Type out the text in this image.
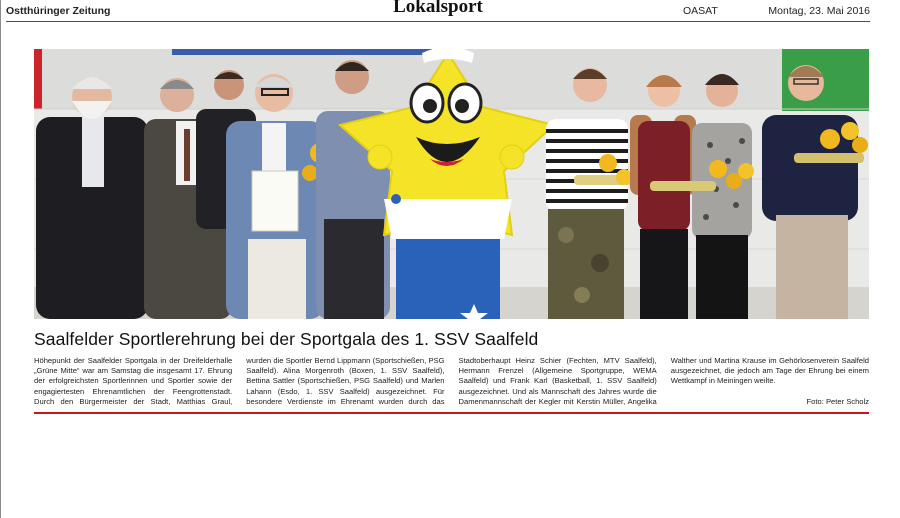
Ostthüringer Zeitung	Lokalsport	OASAT	Montag, 23. Mai 2016
Saalfelder Sportlerehrung bei der Sportgala des 1. SSV Saalfeld

Höhepunkt der Saalfelder Sportgala in der Dreifelderhalle „Grüne Mitte“ war am Samstag die insgesamt 17. Ehrung der erfolgreichsten Sportlerinnen und Sportler sowie der engagiertesten Ehrenamtlichen der Feengrottenstadt. Durch den Bürgermeister der Stadt, Matthias Graul, wurden die Sportler Bernd Lippmann (Sportschießen, PSG Saalfeld). Alina Morgenroth (Boxen, 1. SSV Saalfeld), Bettina Sattler (Sportschießen, PSG Saalfeld) und Marlen Lahann (Esdo, 1. SSV Saalfeld) ausgezeichnet. Für besondere Verdienste im Ehrenamt wurden durch das Stadtoberhaupt Heinz Schier (Fechten, MTV Saalfeld), Hermann Frenzel (Allgemeine Sportgruppe, WEMA Saalfeld) und Frank Karl (Basketball, 1. SSV Saalfeld) ausgezeichnet. Und als Mannschaft des Jahres wurde die Damenmannschaft der Kegler mit Kerstin Müller, Angelika Walther und Martina Krause im Gehörlosenverein Saalfeld ausgezeichnet, die jedoch am Tage der Ehrung bei einem Wettkampf in Meiningen weilte.

Foto: Peter Scholz
